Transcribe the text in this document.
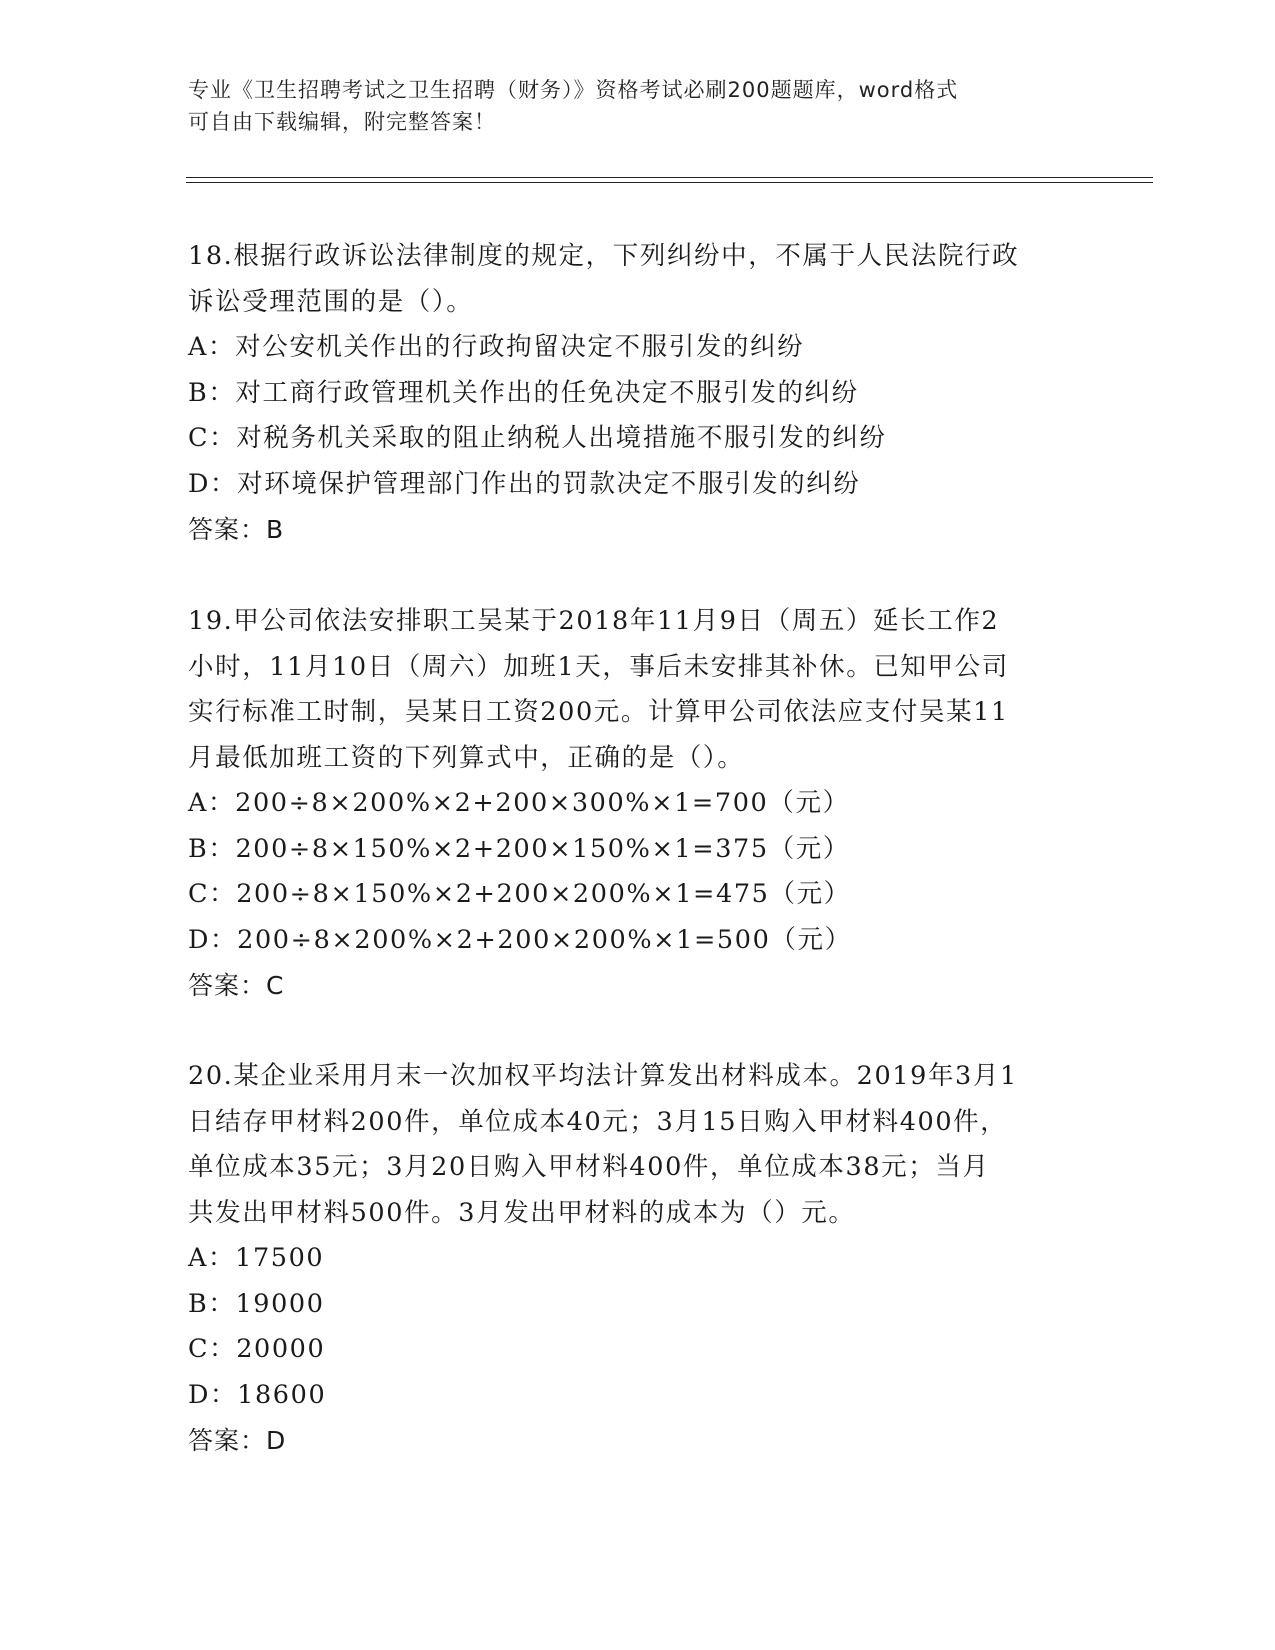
专业《卫生招聘考试之卫生招聘（财务）》资格考试必刷200题题库，word格式
可自由下载编辑，附完整答案！

18.根据行政诉讼法律制度的规定，下列纠纷中，不属于人民法院行政

诉讼受理范围的是（）。

A：对公安机关作出的行政拘留决定不服引发的纠纷

B：对工商行政管理机关作出的任免决定不服引发的纠纷

C：对税务机关采取的阻止纳税人出境措施不服引发的纠纷

D：对环境保护管理部门作出的罚款决定不服引发的纠纷

答案：B

19.甲公司依法安排职工吴某于2018年11月9日（周五）延长工作2

小时，11月10日（周六）加班1天，事后未安排其补休。已知甲公司

实行标准工时制，吴某日工资200元。计算甲公司依法应支付吴某11

月最低加班工资的下列算式中，正确的是（）。

A：200÷8×200%×2+200×300%×1=700（元）

B：200÷8×150%×2+200×150%×1=375（元）

C：200÷8×150%×2+200×200%×1=475（元）

D：200÷8×200%×2+200×200%×1=500（元）

答案：C

20.某企业采用月末一次加权平均法计算发出材料成本。2019年3月1

日结存甲材料200件，单位成本40元；3月15日购入甲材料400件，

单位成本35元；3月20日购入甲材料400件，单位成本38元；当月

共发出甲材料500件。3月发出甲材料的成本为（）元。

A：17500

B：19000

C：20000

D：18600

答案：D
